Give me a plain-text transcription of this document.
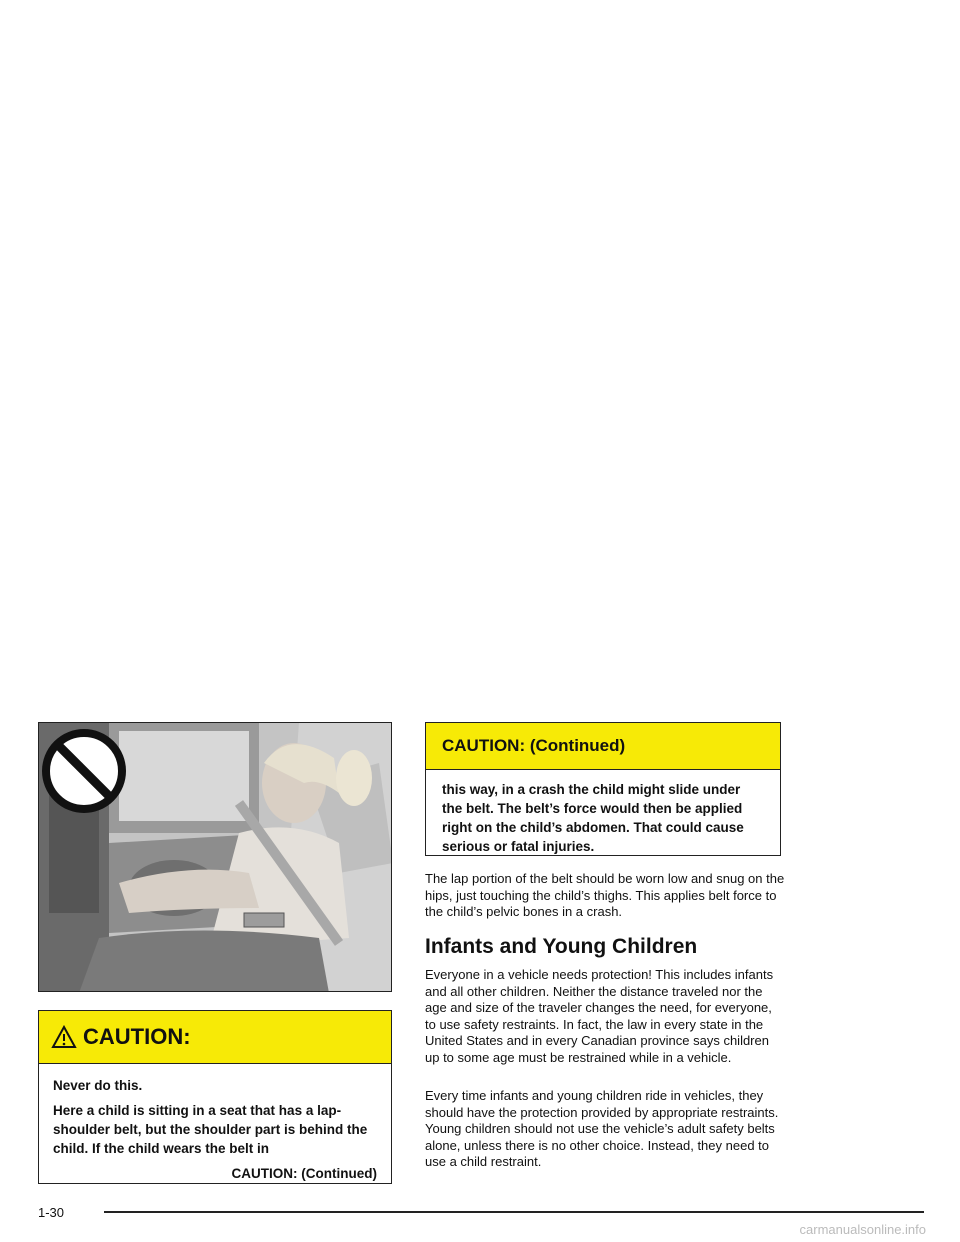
CAUTION:

Never do this.

Here a child is sitting in a seat that has a lap-shoulder belt, but the shoulder part is behind the child. If the child wears the belt in

CAUTION: (Continued)
CAUTION: (Continued)
this way, in a crash the child might slide under the belt. The belt’s force would then be applied right on the child’s abdomen. That could cause serious or fatal injuries.

The lap portion of the belt should be worn low and snug on the hips, just touching the child’s thighs. This applies belt force to the child’s pelvic bones in a crash.

Infants and Young Children

Everyone in a vehicle needs protection! This includes infants and all other children. Neither the distance traveled nor the age and size of the traveler changes the need, for everyone, to use safety restraints. In fact, the law in every state in the United States and in every Canadian province says children up to some age must be restrained while in a vehicle.

Every time infants and young children ride in vehicles, they should have the protection provided by appropriate restraints. Young children should not use the vehicle’s adult safety belts alone, unless there is no other choice. Instead, they need to use a child restraint.

1-30
carmanualsonline.info
